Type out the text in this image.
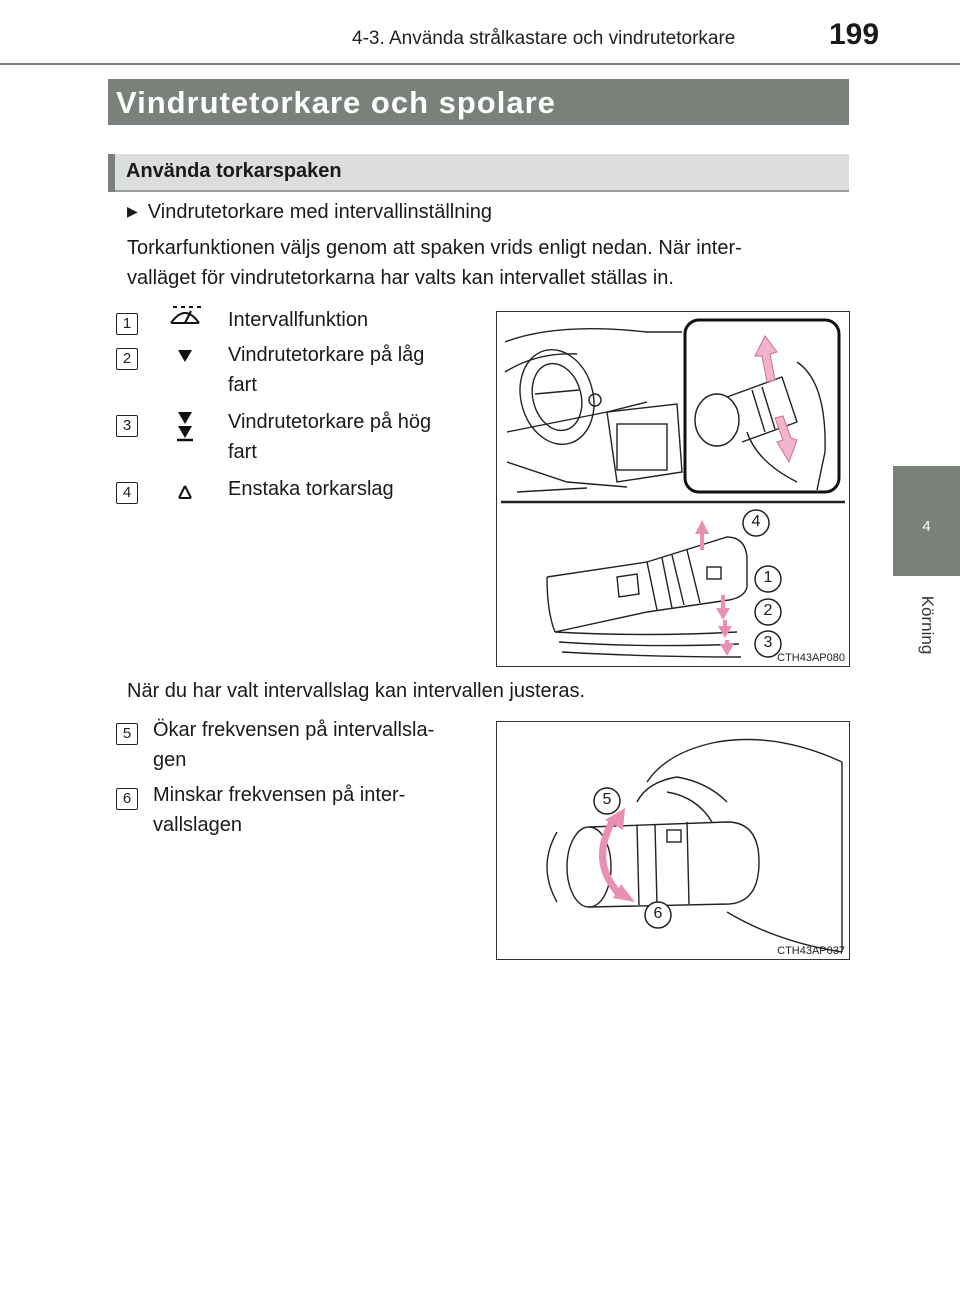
4-3. Använda strålkastare och vindrutetorkare	199
4
Körning
Vindrutetorkare och spolare
Använda torkarspaken
▶ Vindrutetorkare med intervallinställning
Torkarfunktionen väljs genom att spaken vrids enligt nedan. När inter-
valläget för vindrutetorkarna har valts kan intervallet ställas in.
1	Intervallfunktion
2	Vindrutetorkare på låg
fart
3	Vindrutetorkare på hög
fart
4	Enstaka torkarslag
4
1
2
3
CTH43AP080
När du har valt intervallslag kan intervallen justeras.
5	Ökar frekvensen på intervallsla-
gen
6	Minskar frekvensen på inter-
vallslagen
5
6
CTH43AP037
